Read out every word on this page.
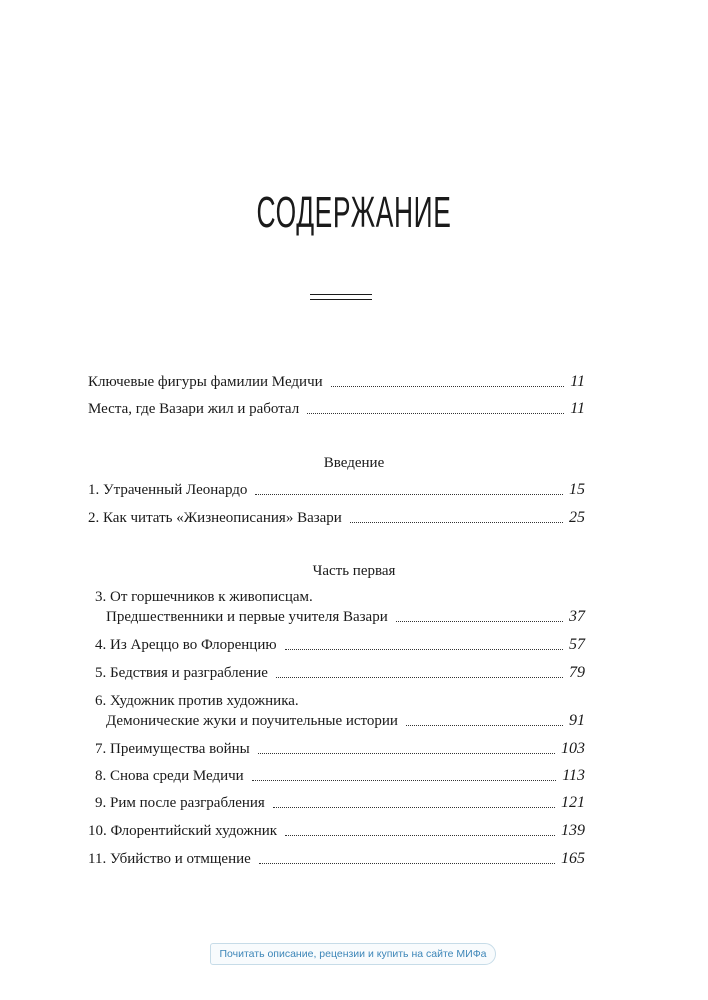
СОДЕРЖАНИЕ
Ключевые фигуры фамилии Медичи	11
Места, где Вазари жил и работал	11
Введение
1. Утраченный Леонардо	15
2. Как читать «Жизнеописания» Вазари	25
Часть первая
3. От горшечников к живописцам.
Предшественники и первые учителя Вазари	37
4. Из Ареццо во Флоренцию	57
5. Бедствия и разграбление	79
6. Художник против художника.
Демонические жуки и поучительные истории	91
7. Преимущества войны	103
8. Снова среди Медичи	113
9. Рим после разграбления	121
10. Флорентийский художник	139
11. Убийство и отмщение	165
Почитать описание, рецензии и купить на сайте МИФа
